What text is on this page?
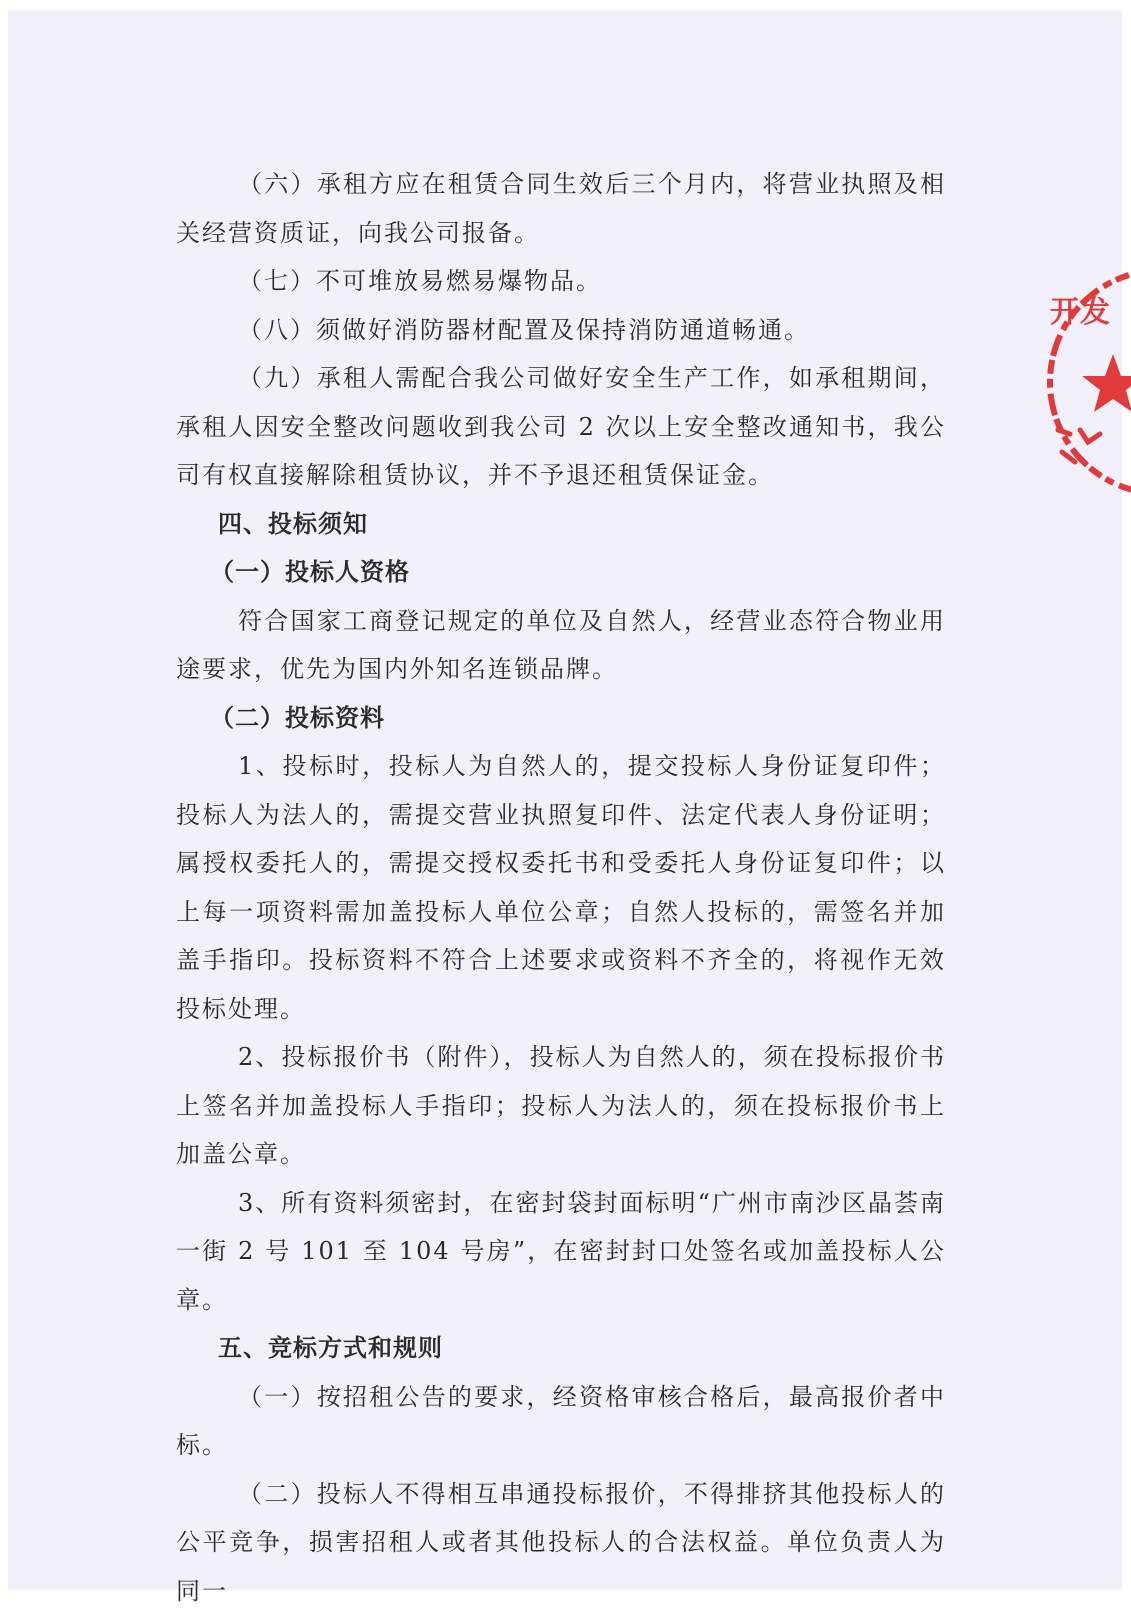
（六）承租方应在租赁合同生效后三个月内，将营业执照及相关经营资质证，向我公司报备。

（七）不可堆放易燃易爆物品。

（八）须做好消防器材配置及保持消防通道畅通。

（九）承租人需配合我公司做好安全生产工作，如承租期间，承租人因安全整改问题收到我公司 2 次以上安全整改通知书，我公司有权直接解除租赁协议，并不予退还租赁保证金。

四、投标须知

（一）投标人资格

符合国家工商登记规定的单位及自然人，经营业态符合物业用途要求，优先为国内外知名连锁品牌。

（二）投标资料

1、投标时，投标人为自然人的，提交投标人身份证复印件；投标人为法人的，需提交营业执照复印件、法定代表人身份证明；属授权委托人的，需提交授权委托书和受委托人身份证复印件；以上每一项资料需加盖投标人单位公章；自然人投标的，需签名并加盖手指印。投标资料不符合上述要求或资料不齐全的，将视作无效投标处理。

2、投标报价书（附件），投标人为自然人的，须在投标报价书上签名并加盖投标人手指印；投标人为法人的，须在投标报价书上加盖公章。

3、所有资料须密封，在密封袋封面标明“广州市南沙区晶荟南一街 2 号 101 至 104 号房”，在密封封口处签名或加盖投标人公章。

五、竞标方式和规则

（一）按招租公告的要求，经资格审核合格后，最高报价者中标。

（二）投标人不得相互串通投标报价，不得排挤其他投标人的公平竞争，损害招租人或者其他投标人的合法权益。单位负责人为同一

开发
